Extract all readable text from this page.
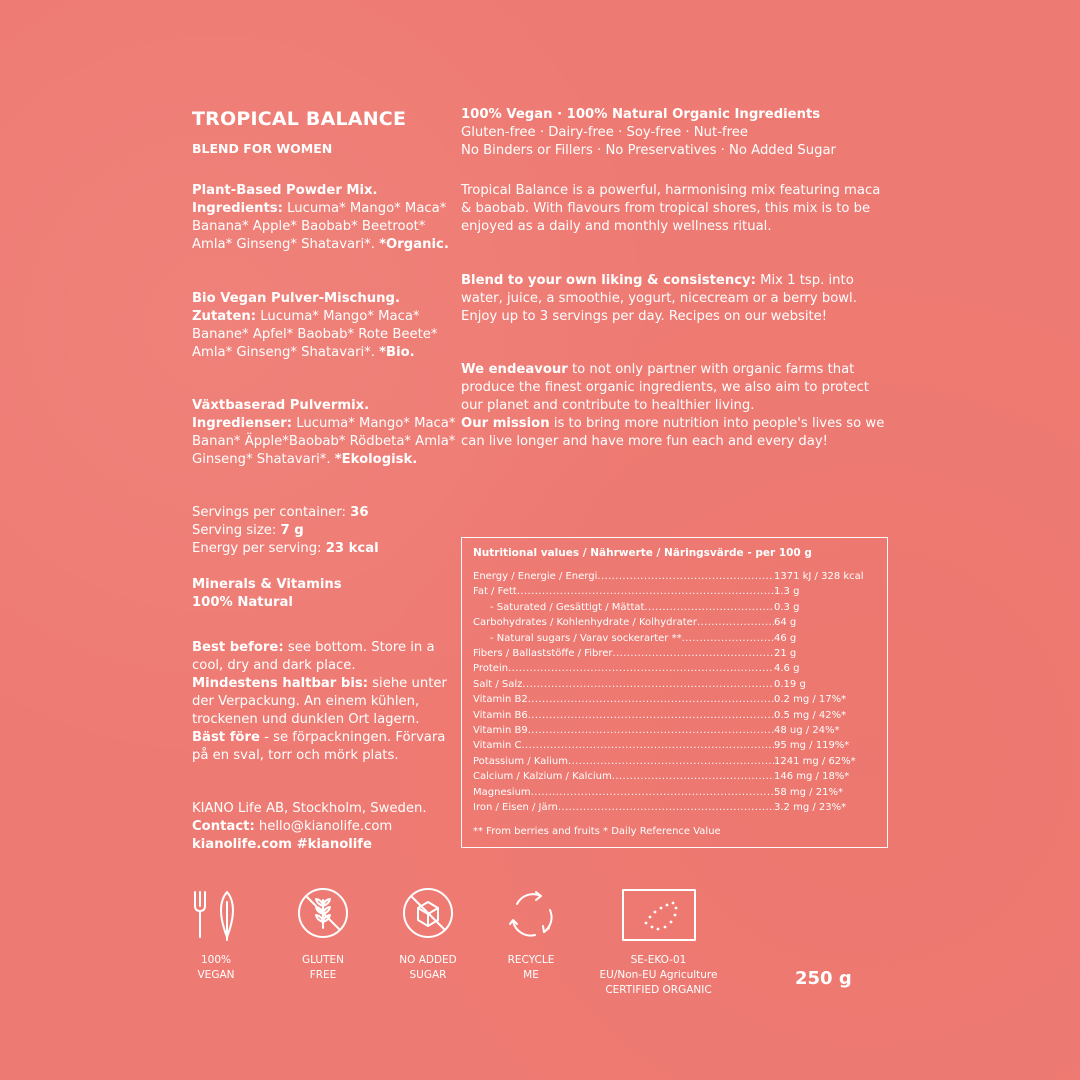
TROPICAL BALANCE
BLEND FOR WOMEN

Plant-Based Powder Mix.

Ingredients: Lucuma* Mango* Maca* Banana* Apple* Baobab* Beetroot* Amla* Ginseng* Shatavari*. *Organic.

Bio Vegan Pulver-Mischung.

Zutaten: Lucuma* Mango* Maca* Banane* Apfel* Baobab* Rote Beete* Amla* Ginseng* Shatavari*. *Bio.

Växtbaserad Pulvermix.

Ingredienser: Lucuma* Mango* Maca* Banan* Äpple*Baobab* Rödbeta* Amla* Ginseng* Shatavari*. *Ekologisk.

Servings per container: 36

Serving size: 7 g

Energy per serving: 23 kcal

Minerals & Vitamins

100% Natural

Best before: see bottom. Store in a cool, dry and dark place.

Mindestens haltbar bis: siehe unter der Verpackung. An einem kühlen, trockenen und dunklen Ort lagern.

Bäst före - se förpackningen. Förvara på en sval, torr och mörk plats.

KIANO Life AB, Stockholm, Sweden.

Contact: hello@kianolife.com

kianolife.com #kianolife

100% Vegan · 100% Natural Organic Ingredients

Gluten-free · Dairy-free · Soy-free · Nut-free

No Binders or Fillers · No Preservatives · No Added Sugar

Tropical Balance is a powerful, harmonising mix featuring maca & baobab. With flavours from tropical shores, this mix is to be enjoyed as a daily and monthly wellness ritual.

Blend to your own liking & consistency: Mix 1 tsp. into water, juice, a smoothie, yogurt, nicecream or a berry bowl. Enjoy up to 3 servings per day. Recipes on our website!

We endeavour to not only partner with organic farms that produce the finest organic ingredients, we also aim to protect our planet and contribute to healthier living.

Our mission is to bring more nutrition into people's lives so we can live longer and have more fun each and every day!

Nutritional values / Nährwerte / Näringsvärde - per 100 g
Energy / Energie / Energi .....	1371 kJ / 328 kcal
Fat / Fett .....	1.3 g
- Saturated / Gesättigt / Mättat .....	0.3 g
Carbohydrates / Kohlenhydrate / Kolhydrater .....	64 g
- Natural sugars / Varav sockerarter ** .....	46 g
Fibers / Ballaststöffe / Fibrer .....	21 g
Protein .....	4.6 g
Salt / Salz .....	0.19 g
Vitamin B2 .....	0.2 mg / 17%*
Vitamin B6 .....	0.5 mg / 42%*
Vitamin B9 .....	48 ug / 24%*
Vitamin C .....	95 mg / 119%*
Potassium / Kalium .....	1241 mg / 62%*
Calcium / Kalzium / Kalcium .....	146 mg / 18%*
Magnesium .....	58 mg / 21%*
Iron / Eisen / Järn .....	3.2 mg / 23%*
** From berries and fruits * Daily Reference Value
100%
VEGAN
GLUTEN
FREE
NO ADDED
SUGAR
RECYCLE
ME
SE-EKO-01
EU/Non-EU Agriculture
CERTIFIED ORGANIC
250 g
